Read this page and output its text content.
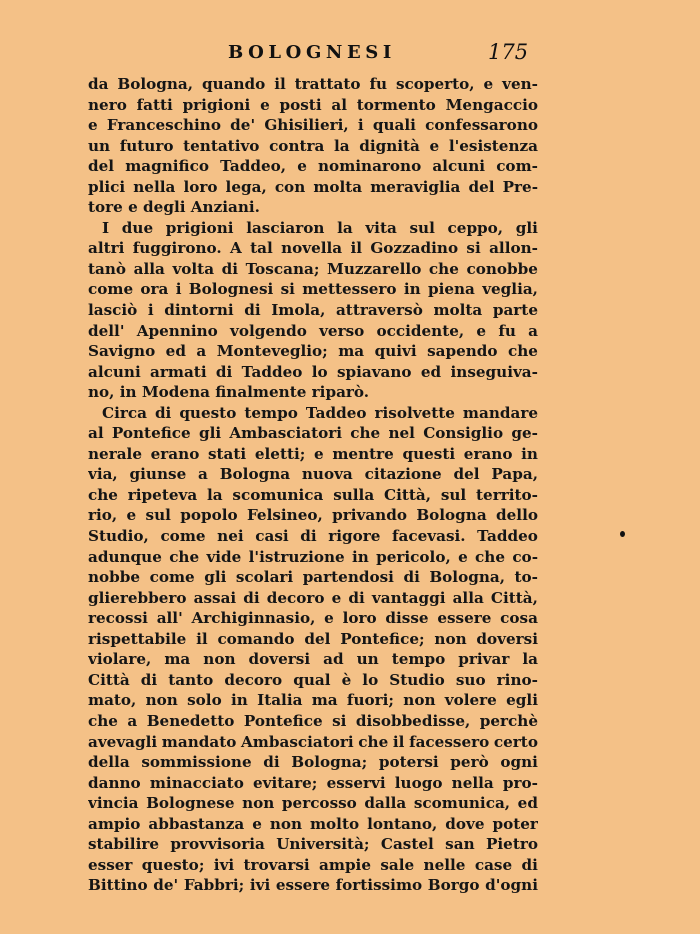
BOLOGNESI	175
da Bologna, quando il trattato fu scoperto, e ven-
nero fatti prigioni e posti al tormento Mengaccio
e Franceschino de' Ghisilieri, i quali confessarono
un futuro tentativo contra la dignità e l'esistenza
del magnifico Taddeo, e nominarono alcuni com-
plici nella loro lega, con molta meraviglia del Pre-
tore e degli Anziani.
I due prigioni lasciaron la vita sul ceppo, gli
altri fuggirono. A tal novella il Gozzadino si allon-
tanò alla volta di Toscana; Muzzarello che conobbe
come ora i Bolognesi si mettessero in piena veglia,
lasciò i dintorni di Imola, attraversò molta parte
dell' Apennino volgendo verso occidente, e fu a
Savigno ed a Monteveglio; ma quivi sapendo che
alcuni armati di Taddeo lo spiavano ed inseguiva-
no, in Modena finalmente riparò.
Circa di questo tempo Taddeo risolvette mandare
al Pontefice gli Ambasciatori che nel Consiglio ge-
nerale erano stati eletti; e mentre questi erano in
via, giunse a Bologna nuova citazione del Papa,
che ripeteva la scomunica sulla Città, sul territo-
rio, e sul popolo Felsineo, privando Bologna dello
Studio, come nei casi di rigore facevasi. Taddeo
adunque che vide l'istruzione in pericolo, e che co-
nobbe come gli scolari partendosi di Bologna, to-
glierebbero assai di decoro e di vantaggi alla Città,
recossi all' Archiginnasio, e loro disse essere cosa
rispettabile il comando del Pontefice; non doversi
violare, ma non doversi ad un tempo privar la
Città di tanto decoro qual è lo Studio suo rino-
mato, non solo in Italia ma fuori; non volere egli
che a Benedetto Pontefice si disobbedisse, perchè
avevagli mandato Ambasciatori che il facessero certo
della sommissione di Bologna; potersi però ogni
danno minacciato evitare; esservi luogo nella pro-
vincia Bolognese non percosso dalla scomunica, ed
ampio abbastanza e non molto lontano, dove poter
stabilire provvisoria Università; Castel san Pietro
esser questo; ivi trovarsi ampie sale nelle case di
Bittino de' Fabbri; ivi essere fortissimo Borgo d'ogni
